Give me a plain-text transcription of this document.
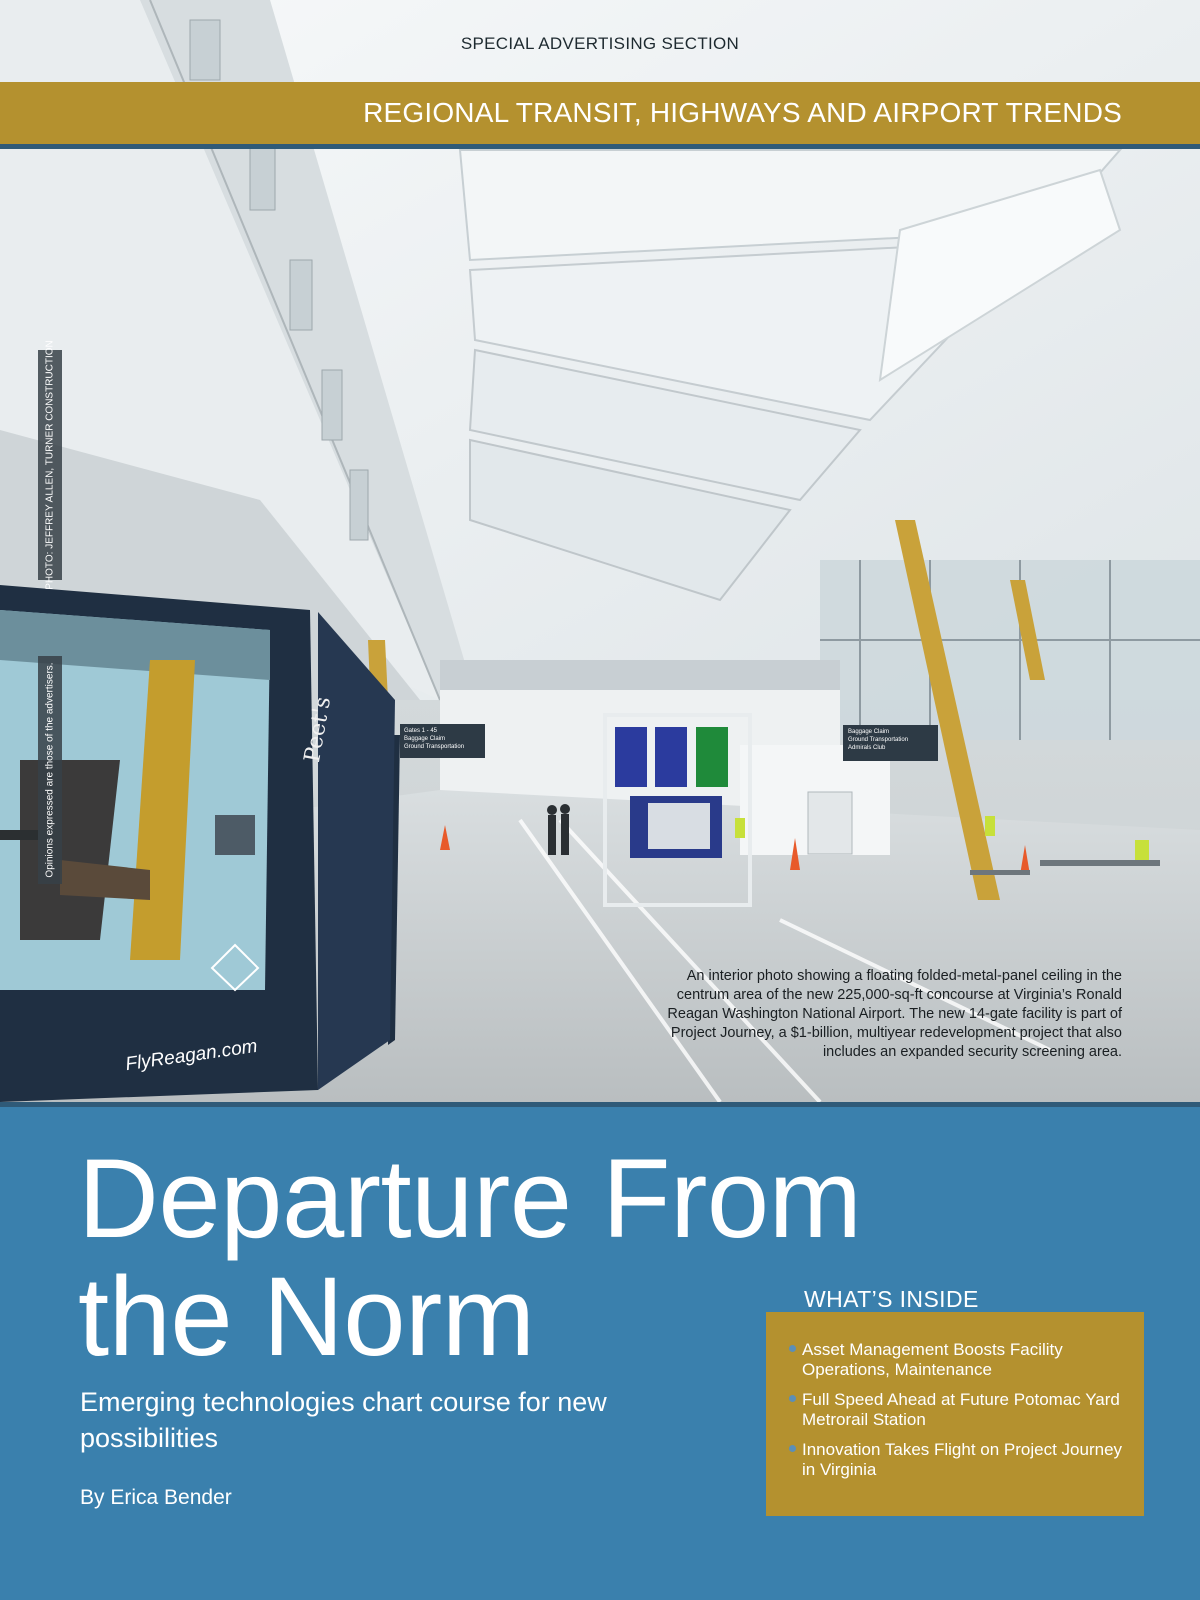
SPECIAL ADVERTISING SECTION
REGIONAL TRANSIT, HIGHWAYS AND AIRPORT TRENDS
PHOTO: JEFFREY ALLEN, TURNER CONSTRUCTION
Opinions expressed are those of the advertisers.	Gates 1 - 45
Baggage Claim
Ground Transportation
Baggage Claim
Ground Transportation
Admirals Club
Peet's
FlyReagan.com
An interior photo showing a floating folded-metal-panel ceiling in the centrum area of the new 225,000-sq-ft concourse at Virginia’s Ronald Reagan Washington National Airport. The new 14-gate facility is part of Project Journey, a $1-billion, multiyear redevelopment project that also includes an expanded security screening area.
Departure From
the Norm
Emerging technologies chart course for new possibilities
By Erica Bender
WHAT’S INSIDE
Asset Management Boosts Facility Operations, Maintenance
Full Speed Ahead at Future Potomac Yard Metrorail Station
Innovation Takes Flight on Project Journey in Virginia
